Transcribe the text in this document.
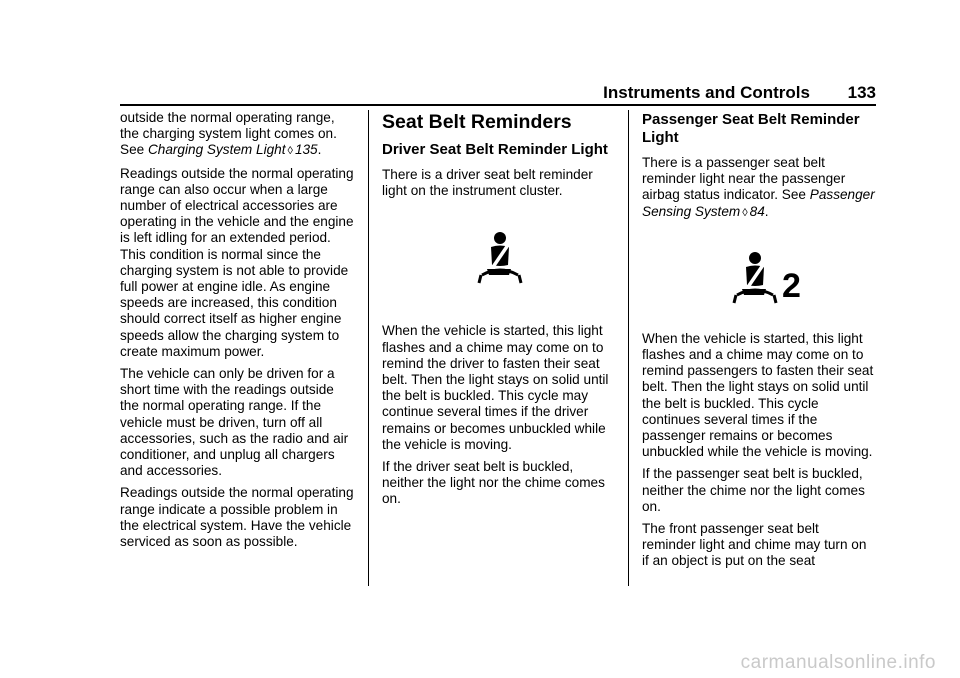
Instruments and Controls 133

outside the normal operating range, the charging system light comes on. See Charging System Light ◊ 135.

Readings outside the normal operating range can also occur when a large number of electrical accessories are operating in the vehicle and the engine is left idling for an extended period. This condition is normal since the charging system is not able to provide full power at engine idle. As engine speeds are increased, this condition should correct itself as higher engine speeds allow the charging system to create maximum power.

The vehicle can only be driven for a short time with the readings outside the normal operating range. If the vehicle must be driven, turn off all accessories, such as the radio and air conditioner, and unplug all chargers and accessories.

Readings outside the normal operating range indicate a possible problem in the electrical system. Have the vehicle serviced as soon as possible.

Seat Belt Reminders
Driver Seat Belt Reminder Light

There is a driver seat belt reminder light on the instrument cluster.

When the vehicle is started, this light flashes and a chime may come on to remind the driver to fasten their seat belt. Then the light stays on solid until the belt is buckled. This cycle may continue several times if the driver remains or becomes unbuckled while the vehicle is moving.

If the driver seat belt is buckled, neither the light nor the chime comes on.

Passenger Seat Belt Reminder Light

There is a passenger seat belt reminder light near the passenger airbag status indicator. See Passenger Sensing System ◊ 84.

2

When the vehicle is started, this light flashes and a chime may come on to remind passengers to fasten their seat belt. Then the light stays on solid until the belt is buckled. This cycle continues several times if the passenger remains or becomes unbuckled while the vehicle is moving.

If the passenger seat belt is buckled, neither the chime nor the light comes on.

The front passenger seat belt reminder light and chime may turn on if an object is put on the seat

carmanualsonline.info
